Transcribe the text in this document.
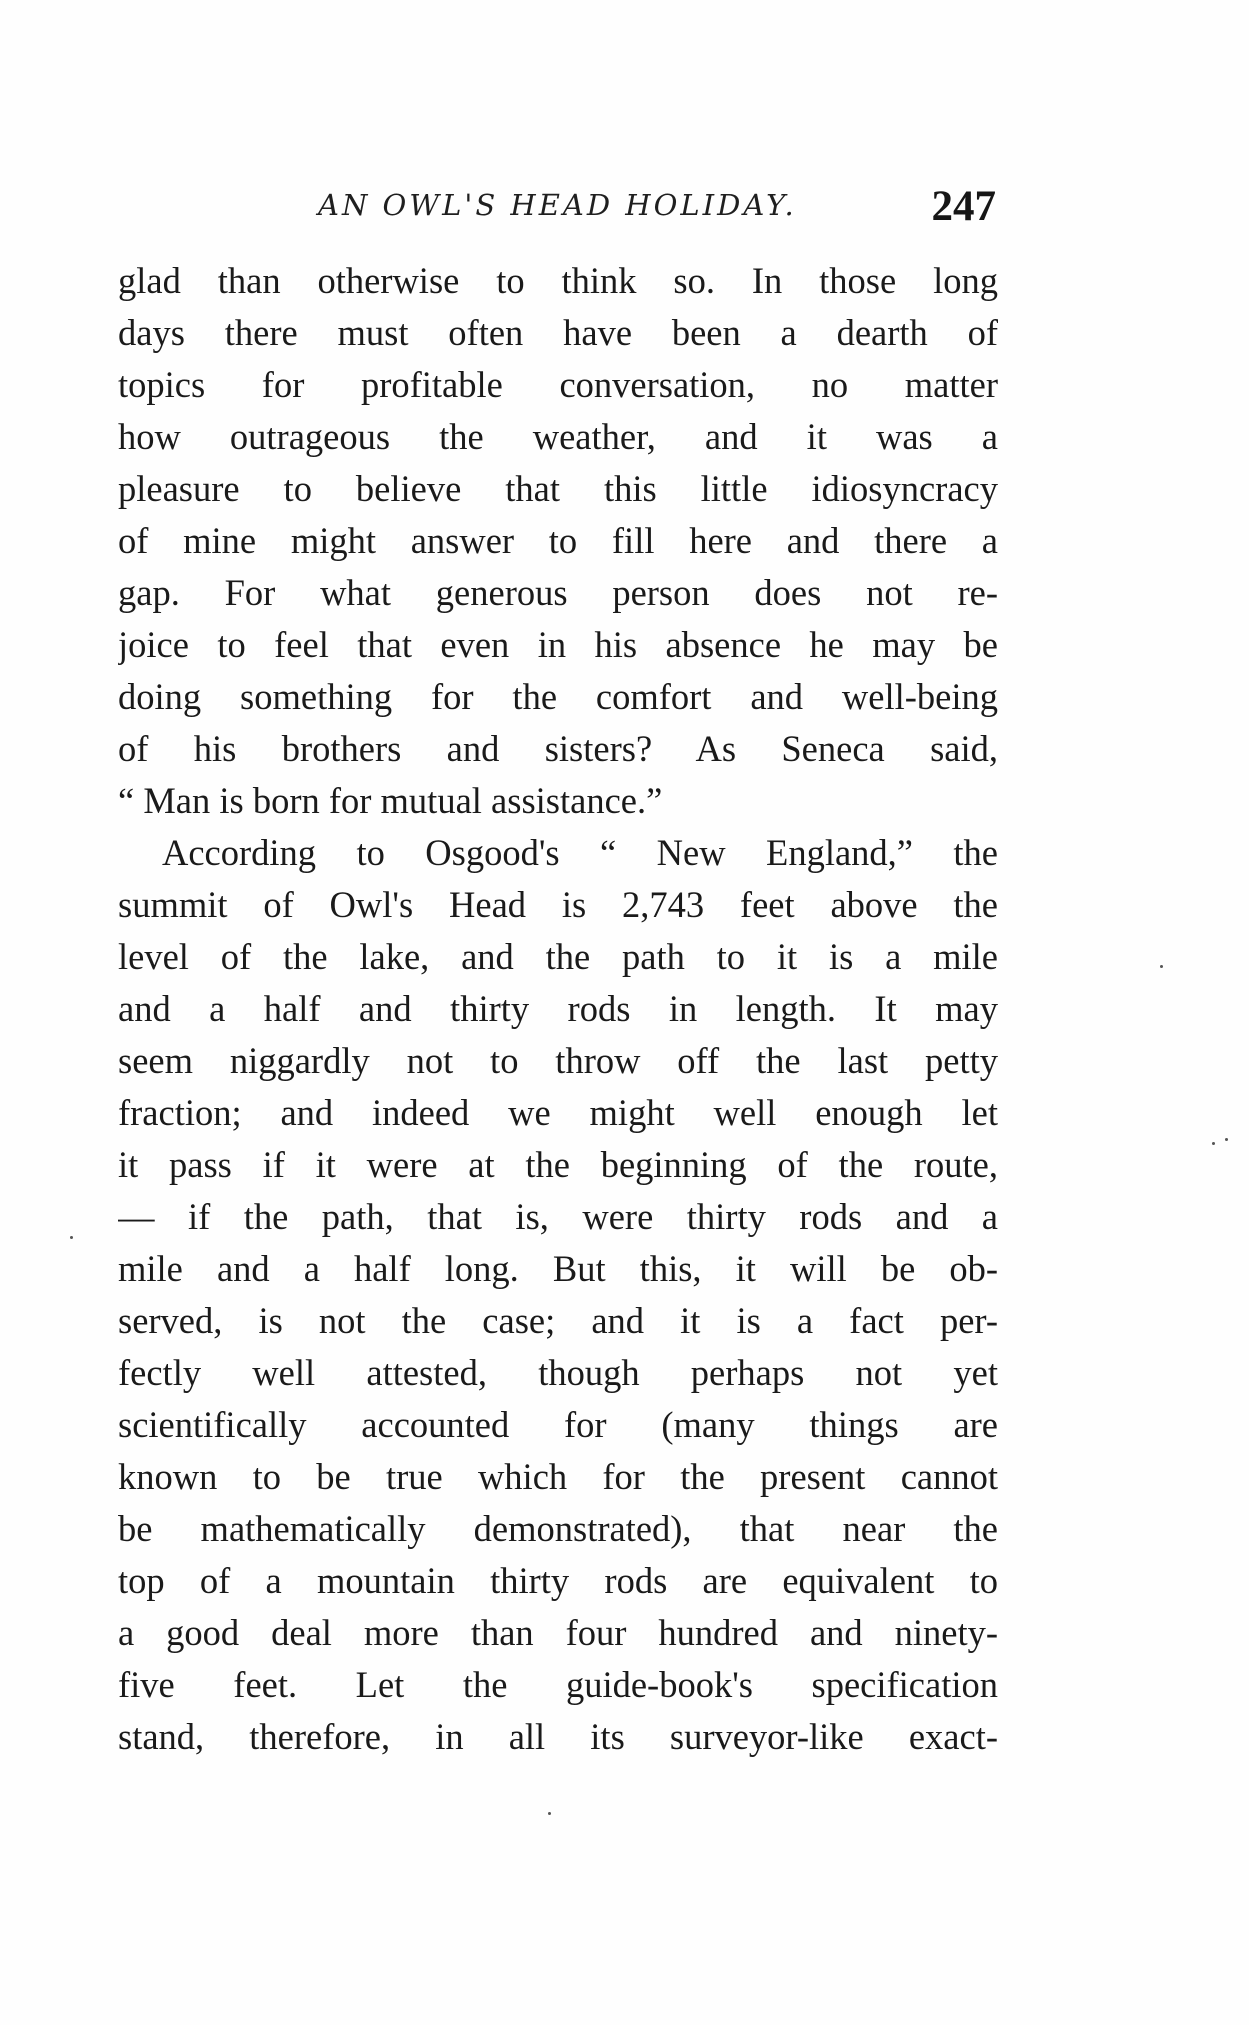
AN OWL'S HEAD HOLIDAY.	247
glad than otherwise to think so. In those long
days there must often have been a dearth of
topics for profitable conversation, no matter
how outrageous the weather, and it was a
pleasure to believe that this little idiosyncracy
of mine might answer to fill here and there a
gap. For what generous person does not re-
joice to feel that even in his absence he may be
doing something for the comfort and well-being
of his brothers and sisters? As Seneca said,
“ Man is born for mutual assistance.”
According to Osgood's “ New England,” the
summit of Owl's Head is 2,743 feet above the
level of the lake, and the path to it is a mile
and a half and thirty rods in length. It may
seem niggardly not to throw off the last petty
fraction; and indeed we might well enough let
it pass if it were at the beginning of the route,
— if the path, that is, were thirty rods and a
mile and a half long. But this, it will be ob-
served, is not the case; and it is a fact per-
fectly well attested, though perhaps not yet
scientifically accounted for (many things are
known to be true which for the present cannot
be mathematically demonstrated), that near the
top of a mountain thirty rods are equivalent to
a good deal more than four hundred and ninety-
five feet. Let the guide-book's specification
stand, therefore, in all its surveyor-like exact-
